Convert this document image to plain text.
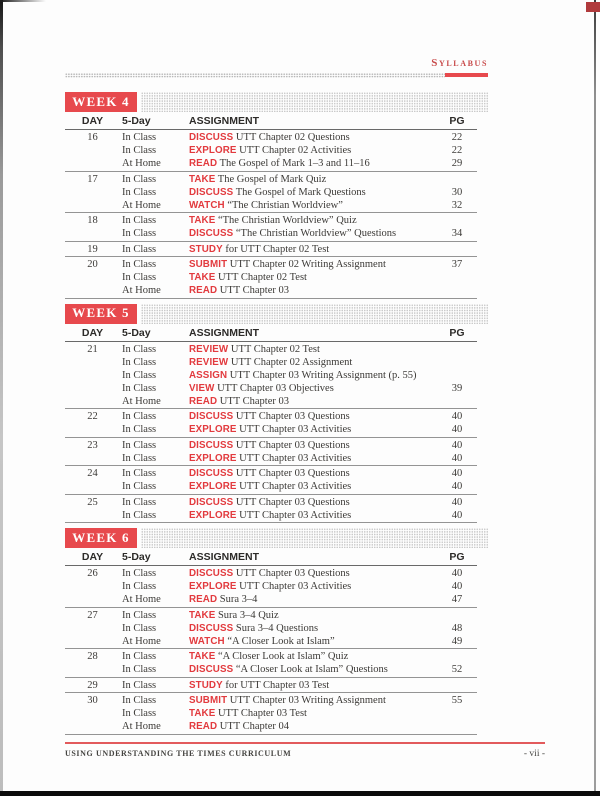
Syllabus
WEEK 4
DAY	5-Day	ASSIGNMENT	PG
16	In Class	DISCUSS UTT Chapter 02 Questions	22
In Class	EXPLORE UTT Chapter 02 Activities	22
At Home	READ The Gospel of Mark 1–3 and 11–16	29
17	In Class	TAKE The Gospel of Mark Quiz
In Class	DISCUSS The Gospel of Mark Questions	30
At Home	WATCH “The Christian Worldview”	32
18	In Class	TAKE “The Christian Worldview” Quiz
In Class	DISCUSS “The Christian Worldview” Questions	34
19	In Class	STUDY for UTT Chapter 02 Test
20	In Class	SUBMIT UTT Chapter 02 Writing Assignment	37
In Class	TAKE UTT Chapter 02 Test
At Home	READ UTT Chapter 03
WEEK 5
DAY	5-Day	ASSIGNMENT	PG
21	In Class	REVIEW UTT Chapter 02 Test
In Class	REVIEW UTT Chapter 02 Assignment
In Class	ASSIGN UTT Chapter 03 Writing Assignment (p. 55)
In Class	VIEW UTT Chapter 03 Objectives	39
At Home	READ UTT Chapter 03
22	In Class	DISCUSS UTT Chapter 03 Questions	40
In Class	EXPLORE UTT Chapter 03 Activities	40
23	In Class	DISCUSS UTT Chapter 03 Questions	40
In Class	EXPLORE UTT Chapter 03 Activities	40
24	In Class	DISCUSS UTT Chapter 03 Questions	40
In Class	EXPLORE UTT Chapter 03 Activities	40
25	In Class	DISCUSS UTT Chapter 03 Questions	40
In Class	EXPLORE UTT Chapter 03 Activities	40
WEEK 6
DAY	5-Day	ASSIGNMENT	PG
26	In Class	DISCUSS UTT Chapter 03 Questions	40
In Class	EXPLORE UTT Chapter 03 Activities	40
At Home	READ Sura 3–4	47
27	In Class	TAKE Sura 3–4 Quiz
In Class	DISCUSS Sura 3–4 Questions	48
At Home	WATCH “A Closer Look at Islam”	49
28	In Class	TAKE “A Closer Look at Islam” Quiz
In Class	DISCUSS “A Closer Look at Islam” Questions	52
29	In Class	STUDY for UTT Chapter 03 Test
30	In Class	SUBMIT UTT Chapter 03 Writing Assignment	55
In Class	TAKE UTT Chapter 03 Test
At Home	READ UTT Chapter 04
USING UNDERSTANDING THE TIMES CURRICULUM	- vii -
